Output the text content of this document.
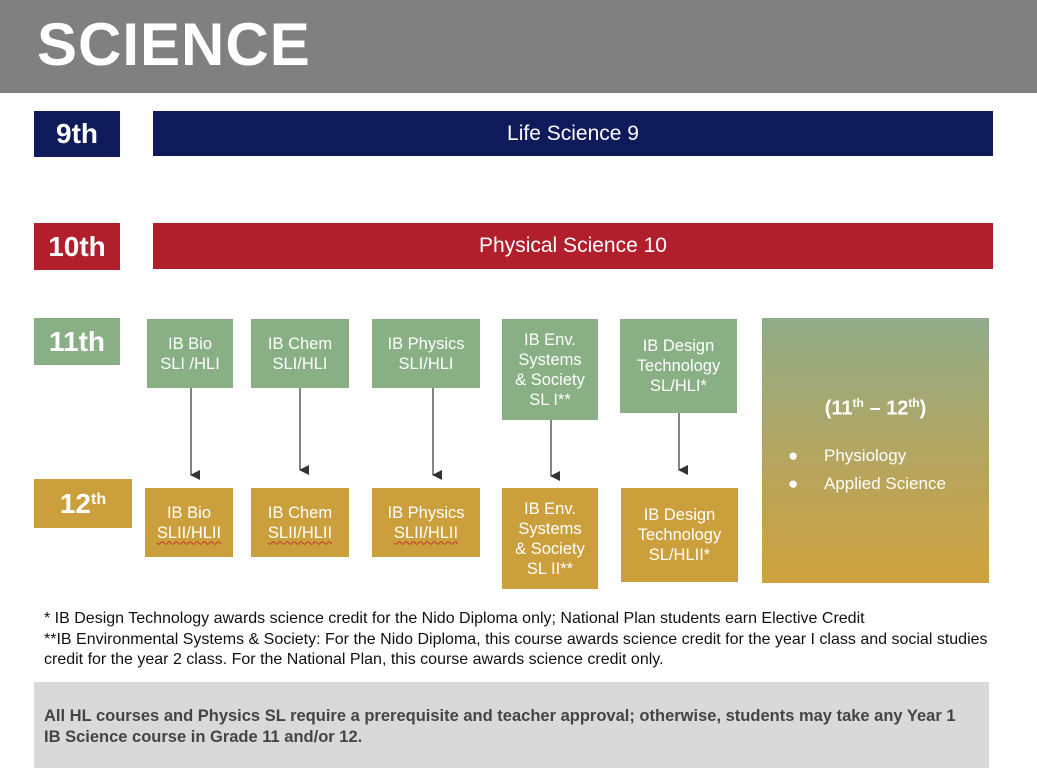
SCIENCE
9th
10th
11th
12th
Life Science 9
Physical Science 10
IB Bio
SLI /HLI
IB Chem
SLI/HLI
IB Physics
SLI/HLI
IB Env.
Systems
& Society
SL I**
IB Design
Technology
SL/HLI*
IB Bio
SLII/HLII
IB Chem
SLII/HLII
IB Physics
SLII/HLII
IB Env.
Systems
& Society
SL II**
IB Design
Technology
SL/HLII*
(11th – 12th)
● Physiology
● Applied Science

* IB Design Technology awards science credit for the Nido Diploma only; National Plan students earn Elective Credit

**IB Environmental Systems & Society: For the Nido Diploma, this course awards science credit for the year I class and social studies credit for the year 2 class. For the National Plan, this course awards science credit only.

All HL courses and Physics SL require a prerequisite and teacher approval; otherwise, students may take any Year 1 IB Science course in Grade 11 and/or 12.
